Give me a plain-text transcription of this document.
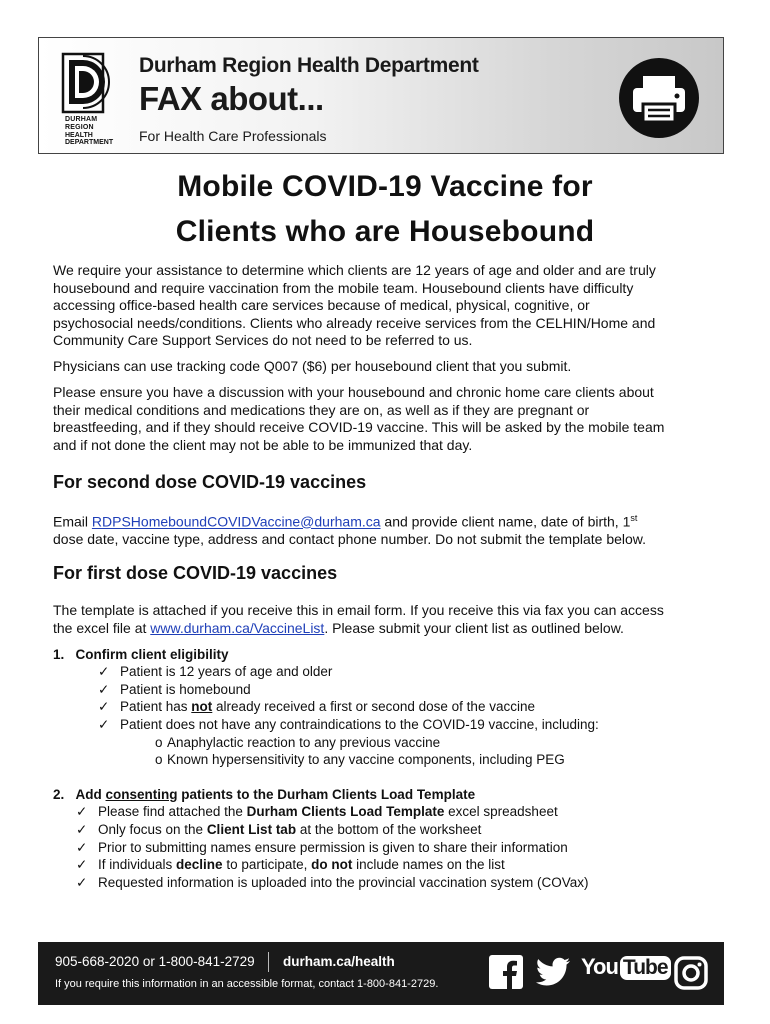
DURHAM
REGION
HEALTH
DEPARTMENT
Durham Region Health Department
FAX about...
For Health Care Professionals
Mobile COVID-19 Vaccine for
Clients who are Housebound
We require your assistance to determine which clients are 12 years of age and older and are truly
housebound and require vaccination from the mobile team. Housebound clients have difficulty
accessing office-based health care services because of medical, physical, cognitive, or
psychosocial needs/conditions. Clients who already receive services from the CELHIN/Home and
Community Care Support Services do not need to be referred to us.
Physicians can use tracking code Q007 ($6) per housebound client that you submit.
Please ensure you have a discussion with your housebound and chronic home care clients about
their medical conditions and medications they are on, as well as if they are pregnant or
breastfeeding, and if they should receive COVID-19 vaccine. This will be asked by the mobile team
and if not done the client may not be able to be immunized that day.
For second dose COVID-19 vaccines
Email RDPSHomeboundCOVIDVaccine@durham.ca and provide client name, date of birth, 1st
dose date, vaccine type, address and contact phone number. Do not submit the template below.
For first dose COVID-19 vaccines
The template is attached if you receive this in email form. If you receive this via fax you can access
the excel file at www.durham.ca/VaccineList. Please submit your client list as outlined below.
1. Confirm client eligibility
✓ Patient is 12 years of age and older
✓ Patient is homebound
✓ Patient has not already received a first or second dose of the vaccine
✓ Patient does not have any contraindications to the COVID-19 vaccine, including:
o Anaphylactic reaction to any previous vaccine
o Known hypersensitivity to any vaccine components, including PEG
2. Add consenting patients to the Durham Clients Load Template
✓ Please find attached the Durham Clients Load Template excel spreadsheet
✓ Only focus on the Client List tab at the bottom of the worksheet
✓ Prior to submitting names ensure permission is given to share their information
✓ If individuals decline to participate, do not include names on the list
✓ Requested information is uploaded into the provincial vaccination system (COVax)
905-668-2020 or 1-800-841-2729 durham.ca/health
If you require this information in an accessible format, contact 1-800-841-2729.
You Tube
